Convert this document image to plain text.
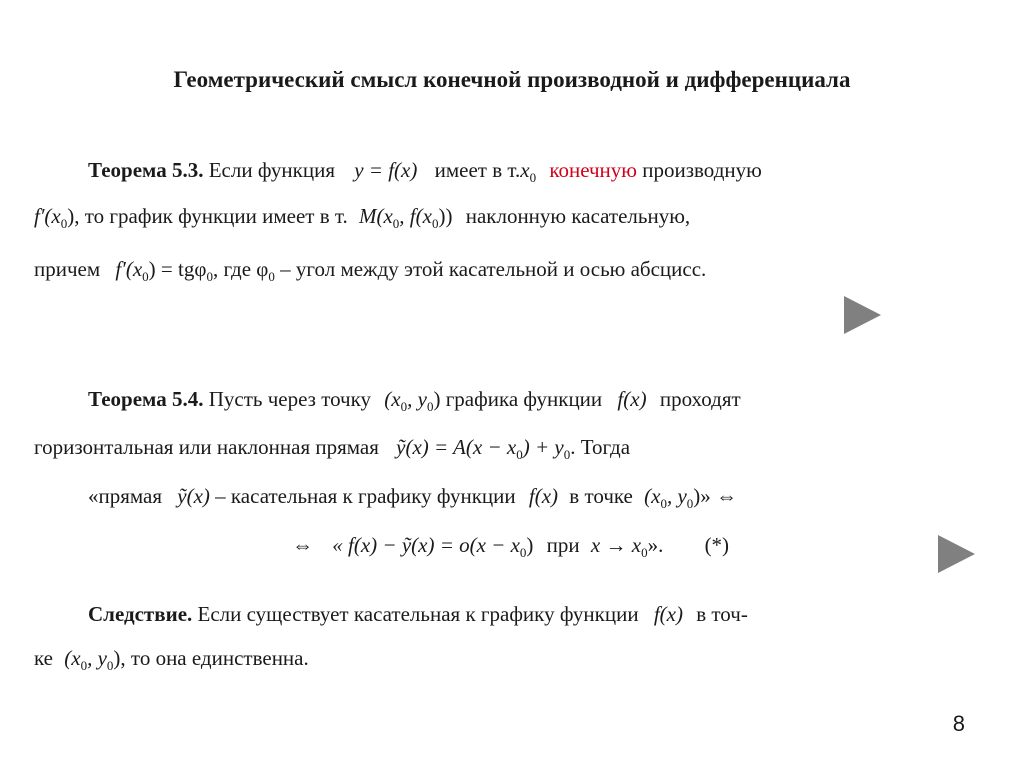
Геометрический смысл конечной производной и дифференциала
Теорема 5.3. Если функция y = f(x) имеет в $т.x_0$ конечную производную
$f'(x_0)$, то график функции имеет в т. $M(x_0$, $f(x_0)$) наклонную касательную,
причем $f'(x_0) = tg\varphi_0$, где $\varphi_0$ – угол между этой касательной и осью абсцисс.
Теорема 5.4. Пусть через точку ($x_0$, $y_0$) графика функции f(x) проходят
горизонтальная или наклонная прямая ỹ(x) = $A(x - x_0) + y_0$. Тогда
«прямая ỹ(x) – касательная к графику функции f(x) в точке ($x_0$, $y_0$)» ⇔
⇔ « f(x) − ỹ(x) = $o(x - x_0)$ при $x \to x_0$». (*)
Следствие. Если существует касательная к графику функции f(x) в точ-
ке ($x_0$, $y_0$), то она единственна.
8
